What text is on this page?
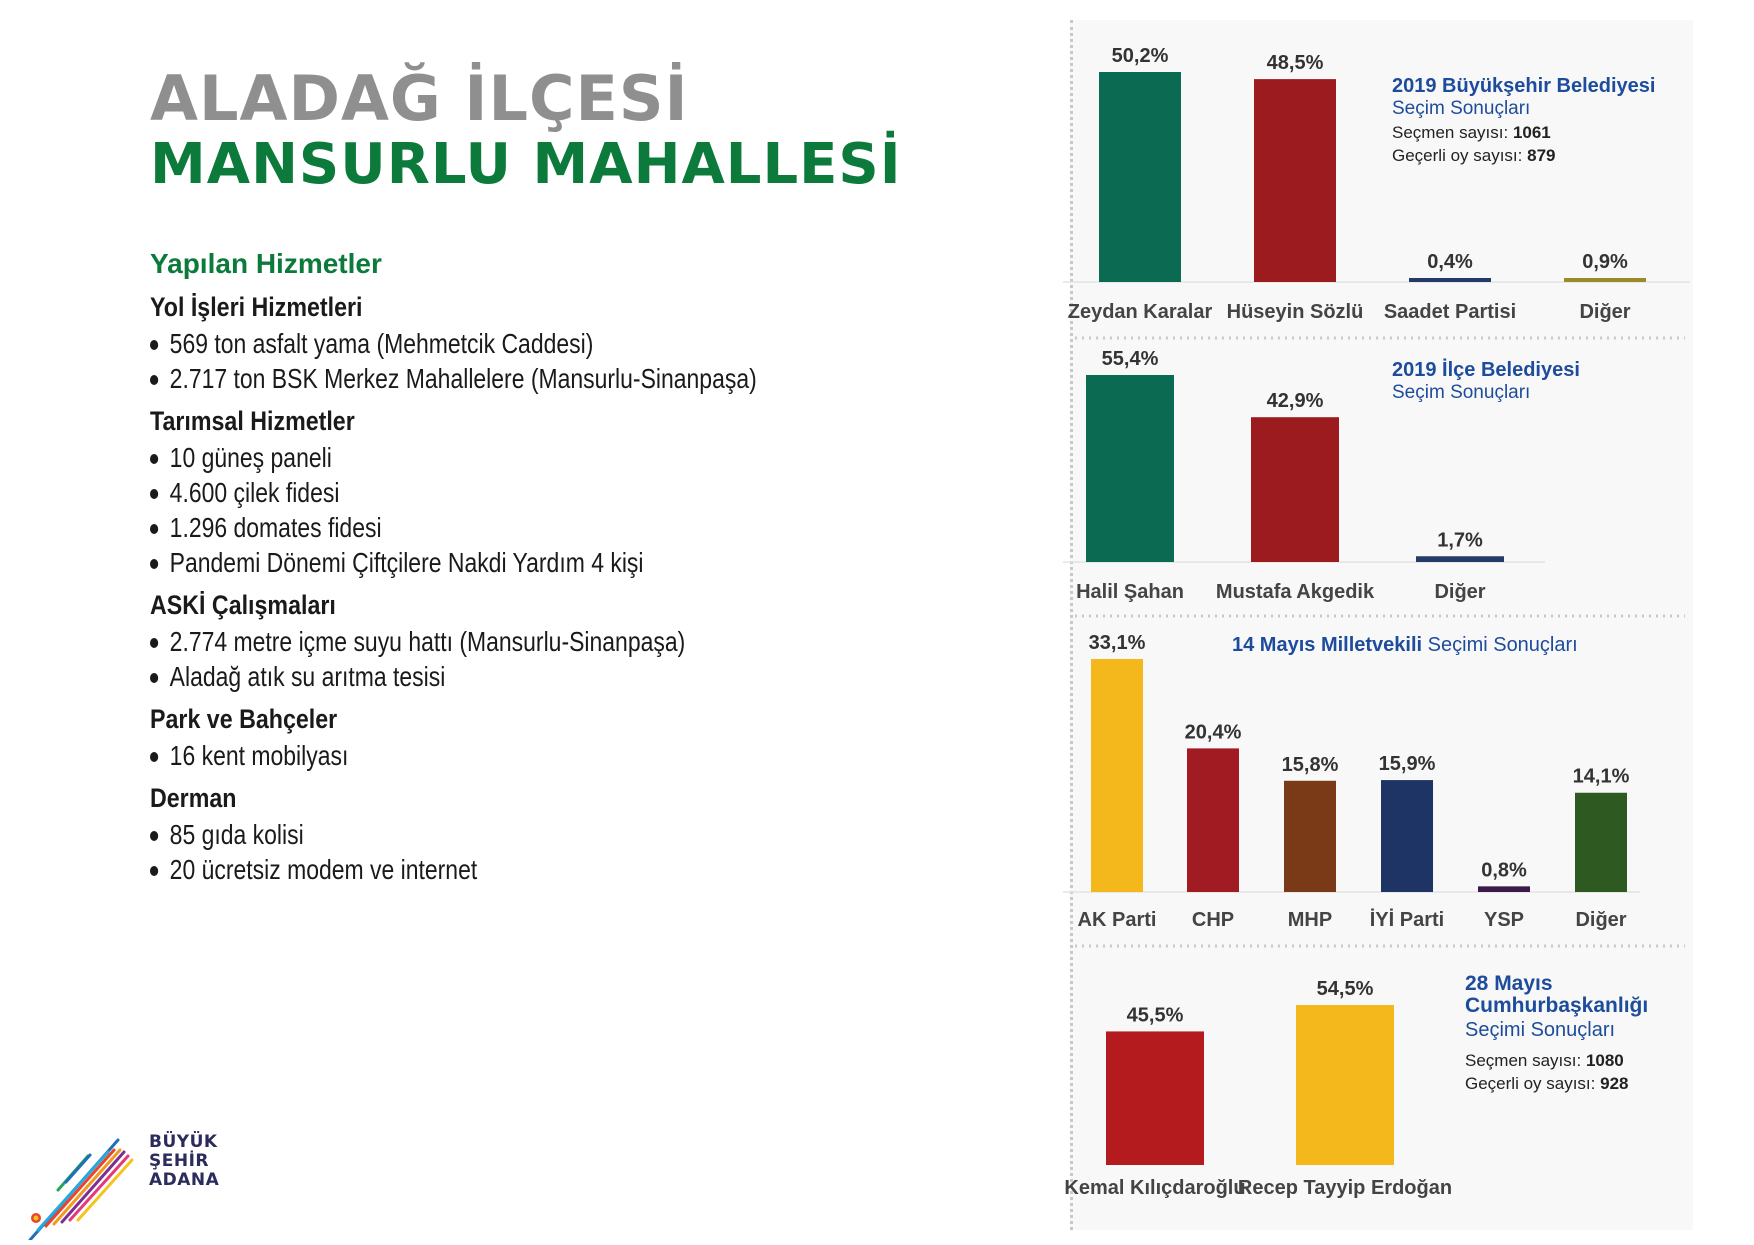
ALADAĞ İLÇESİ
MANSURLU MAHALLESİ
Yapılan Hizmetler
Yol İşleri Hizmetleri
569 ton asfalt yama (Mehmetcik Caddesi)
2.717 ton BSK Merkez Mahallelere (Mansurlu-Sinanpaşa)
Tarımsal Hizmetler
10 güneş paneli
4.600 çilek fidesi
1.296 domates fidesi
Pandemi Dönemi Çiftçilere Nakdi Yardım 4 kişi
ASKİ Çalışmaları
2.774 metre içme suyu hattı (Mansurlu-Sinanpaşa)
Aladağ atık su arıtma tesisi
Park ve Bahçeler
16 kent mobilyası
Derman
85 gıda kolisi
20 ücretsiz modem ve internet
BÜYÜK
ŞEHİR
ADANA
50,2%
Zeydan Karalar
48,5%
Hüseyin Sözlü
0,4%
Saadet Partisi
0,9%
Diğer
2019 Büyükşehir Belediyesi
Seçim Sonuçları
Seçmen sayısı: 1061
Geçerli oy sayısı: 879
55,4%
Halil Şahan
42,9%
Mustafa Akgedik
1,7%
Diğer
2019 İlçe Belediyesi
Seçim Sonuçları
33,1%
AK Parti
20,4%
CHP
15,8%
MHP
15,9%
İYİ Parti
0,8%
YSP
14,1%
Diğer
14 Mayıs Milletvekili Seçimi Sonuçları
45,5%
Kemal Kılıçdaroğlu
54,5%
Recep Tayyip Erdoğan
28 Mayıs
Cumhurbaşkanlığı
Seçimi Sonuçları
Seçmen sayısı: 1080
Geçerli oy sayısı: 928
